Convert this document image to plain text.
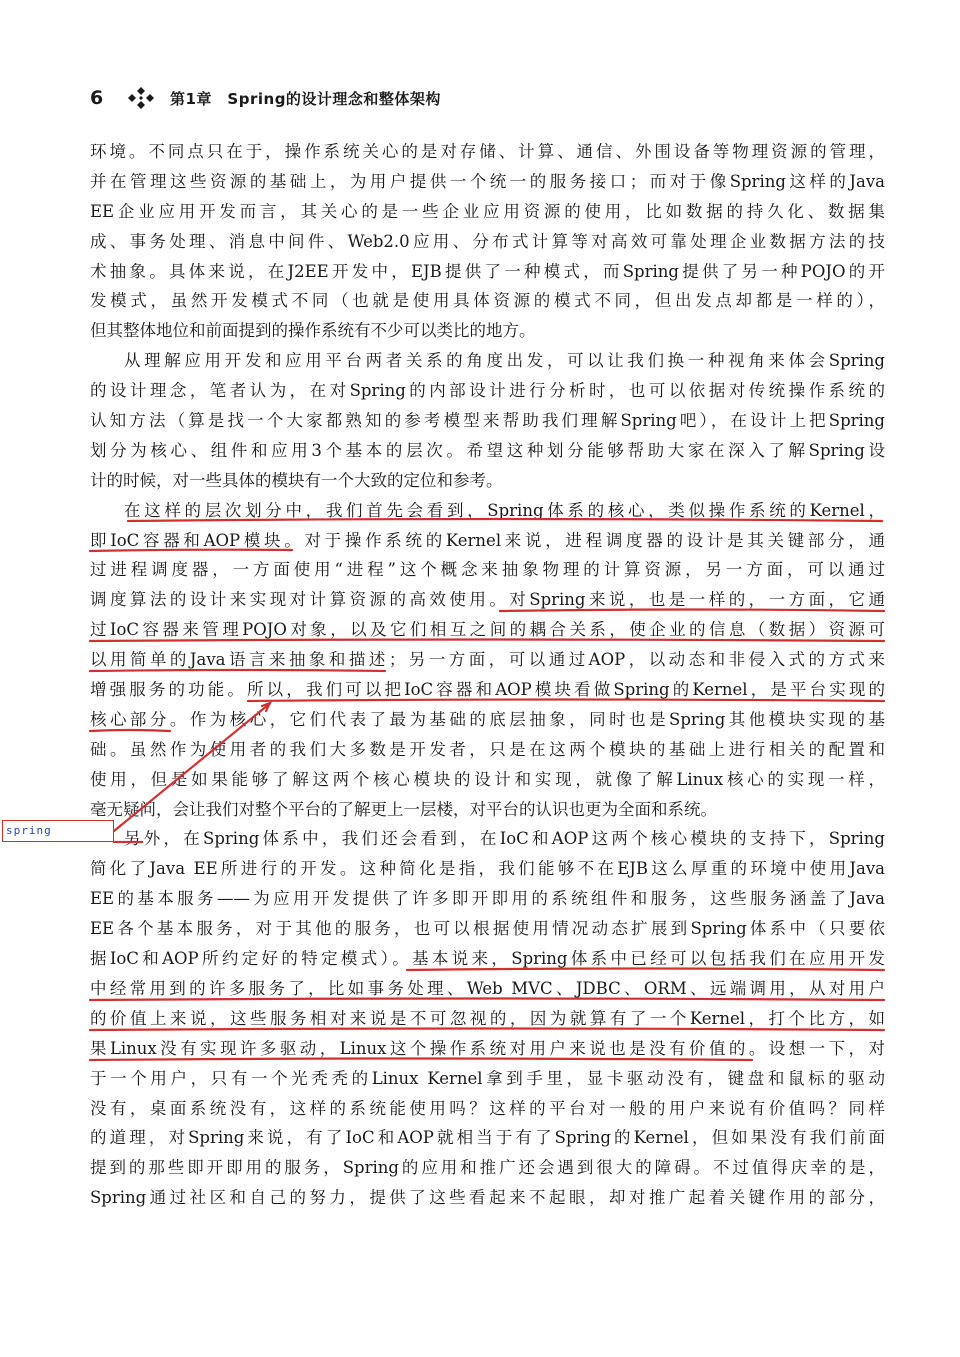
6	第1章　Spring的设计理念和整体架构
环境。不同点只在于，操作系统关心的是对存储、计算、通信、外围设备等物理资源的管理，
并在管理这些资源的基础上，为用户提供一个统一的服务接口；而对于像Spring这样的Java
EE企业应用开发而言，其关心的是一些企业应用资源的使用，比如数据的持久化、数据集
成、事务处理、消息中间件、Web2.0应用、分布式计算等对高效可靠处理企业数据方法的技
术抽象。具体来说，在J2EE开发中，EJB提供了一种模式，而Spring提供了另一种POJO的开
发模式，虽然开发模式不同（也就是使用具体资源的模式不同，但出发点却都是一样的），
但其整体地位和前面提到的操作系统有不少可以类比的地方。
从理解应用开发和应用平台两者关系的角度出发，可以让我们换一种视角来体会Spring
的设计理念，笔者认为，在对Spring的内部设计进行分析时，也可以依据对传统操作系统的
认知方法（算是找一个大家都熟知的参考模型来帮助我们理解Spring吧），在设计上把Spring
划分为核心、组件和应用3个基本的层次。希望这种划分能够帮助大家在深入了解Spring设
计的时候，对一些具体的模块有一个大致的定位和参考。
在这样的层次划分中，我们首先会看到，Spring体系的核心，类似操作系统的Kernel，
即IoC容器和AOP模块。对于操作系统的Kernel来说，进程调度器的设计是其关键部分，通
过进程调度器，一方面使用“进程”这个概念来抽象物理的计算资源，另一方面，可以通过
调度算法的设计来实现对计算资源的高效使用。对Spring来说，也是一样的，一方面，它通
过IoC容器来管理POJO对象，以及它们相互之间的耦合关系，使企业的信息（数据）资源可
以用简单的Java语言来抽象和描述；另一方面，可以通过AOP，以动态和非侵入式的方式来
增强服务的功能。所以，我们可以把IoC容器和AOP模块看做Spring的Kernel，是平台实现的
核心部分。作为核心，它们代表了最为基础的底层抽象，同时也是Spring其他模块实现的基
础。虽然作为使用者的我们大多数是开发者，只是在这两个模块的基础上进行相关的配置和
使用，但是如果能够了解这两个核心模块的设计和实现，就像了解Linux核心的实现一样，
毫无疑问，会让我们对整个平台的了解更上一层楼，对平台的认识也更为全面和系统。
另外，在Spring体系中，我们还会看到，在IoC和AOP这两个核心模块的支持下，Spring
简化了Java EE所进行的开发。这种简化是指，我们能够不在EJB这么厚重的环境中使用Java
EE的基本服务——为应用开发提供了许多即开即用的系统组件和服务，这些服务涵盖了Java
EE各个基本服务，对于其他的服务，也可以根据使用情况动态扩展到Spring体系中（只要依
据IoC和AOP所约定好的特定模式）。基本说来，Spring体系中已经可以包括我们在应用开发
中经常用到的许多服务了，比如事务处理、Web MVC、JDBC、ORM、远端调用，从对用户
的价值上来说，这些服务相对来说是不可忽视的，因为就算有了一个Kernel，打个比方，如
果Linux没有实现许多驱动，Linux这个操作系统对用户来说也是没有价值的。设想一下，对
于一个用户，只有一个光秃秃的Linux Kernel拿到手里，显卡驱动没有，键盘和鼠标的驱动
没有，桌面系统没有，这样的系统能使用吗？这样的平台对一般的用户来说有价值吗？同样
的道理，对Spring来说，有了IoC和AOP就相当于有了Spring的Kernel，但如果没有我们前面
提到的那些即开即用的服务，Spring的应用和推广还会遇到很大的障碍。不过值得庆幸的是，
Spring通过社区和自己的努力，提供了这些看起来不起眼，却对推广起着关键作用的部分，
spring
